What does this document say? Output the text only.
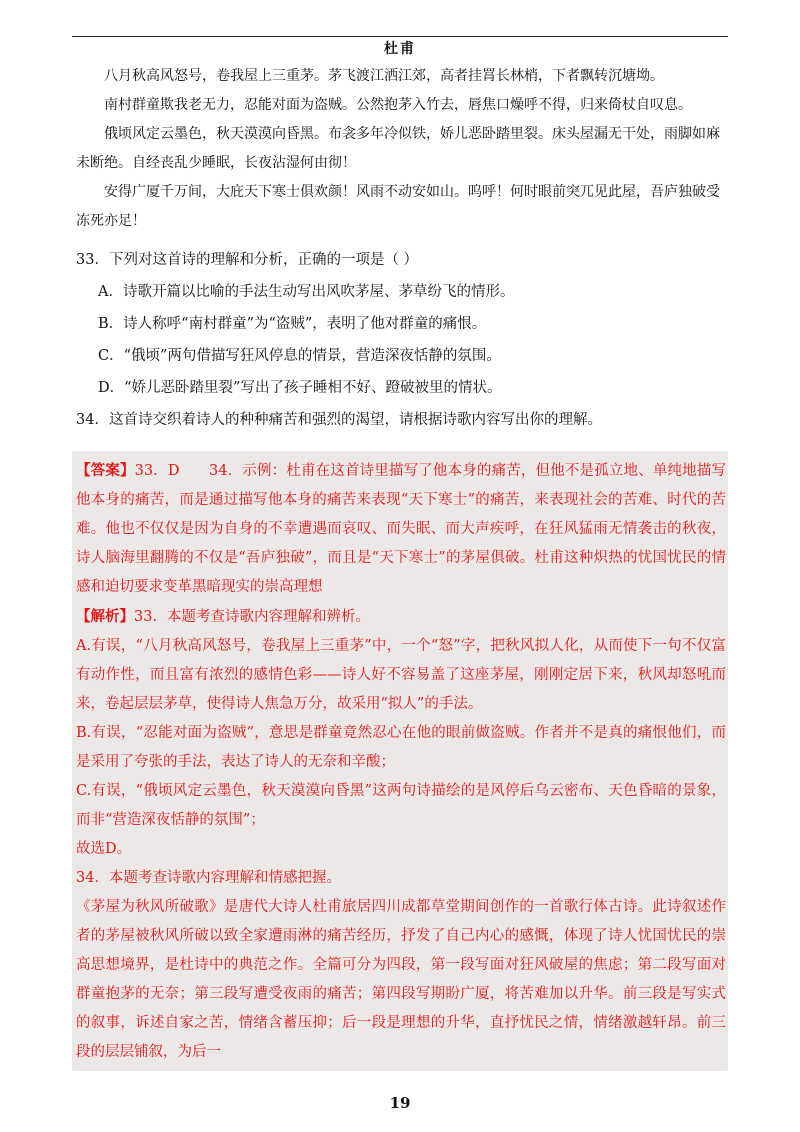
杜甫

八月秋高风怒号，卷我屋上三重茅。茅飞渡江洒江郊，高者挂罥长林梢，下者飘转沉塘坳。

南村群童欺我老无力，忍能对面为盗贼。公然抱茅入竹去，唇焦口燥呼不得，归来倚杖自叹息。

俄顷风定云墨色，秋天漠漠向昏黑。布衾多年冷似铁，娇儿恶卧踏里裂。床头屋漏无干处，雨脚如麻未断绝。自经丧乱少睡眠，长夜沾湿何由彻！

安得广厦千万间，大庇天下寒士俱欢颜！风雨不动安如山。呜呼！何时眼前突兀见此屋，吾庐独破受冻死亦足！

33．下列对这首诗的理解和分析，正确的一项是（ ）

A．诗歌开篇以比喻的手法生动写出风吹茅屋、茅草纷飞的情形。

B．诗人称呼“南村群童”为“盗贼”，表明了他对群童的痛恨。

C．“俄顷”两句借描写狂风停息的情景，营造深夜恬静的氛围。

D．“娇儿恶卧踏里裂”写出了孩子睡相不好、蹬破被里的情状。

34．这首诗交织着诗人的种种痛苦和强烈的渴望，请根据诗歌内容写出你的理解。

【答案】33．D　　34．示例：杜甫在这首诗里描写了他本身的痛苦，但他不是孤立地、单纯地描写他本身的痛苦，而是通过描写他本身的痛苦来表现“天下寒士”的痛苦，来表现社会的苦难、时代的苦难。他也不仅仅是因为自身的不幸遭遇而哀叹、而失眠、而大声疾呼，在狂风猛雨无情袭击的秋夜，诗人脑海里翻腾的不仅是“吾庐独破”，而且是“天下寒士”的茅屋俱破。杜甫这种炽热的忧国忧民的情感和迫切要求变革黑暗现实的崇高理想

【解析】33．本题考查诗歌内容理解和辨析。

A.有误，“八月秋高风怒号，卷我屋上三重茅”中，一个“怒”字，把秋风拟人化，从而使下一句不仅富有动作性，而且富有浓烈的感情色彩——诗人好不容易盖了这座茅屋，刚刚定居下来，秋风却怒吼而来，卷起层层茅草，使得诗人焦急万分，故采用“拟人”的手法。

B.有误，“忍能对面为盗贼”，意思是群童竟然忍心在他的眼前做盗贼。作者并不是真的痛恨他们，而是采用了夸张的手法，表达了诗人的无奈和辛酸；

C.有误，“俄顷风定云墨色，秋天漠漠向昏黑”这两句诗描绘的是风停后乌云密布、天色昏暗的景象，而非“营造深夜恬静的氛围”；

故选D。

34．本题考查诗歌内容理解和情感把握。

《茅屋为秋风所破歌》是唐代大诗人杜甫旅居四川成都草堂期间创作的一首歌行体古诗。此诗叙述作者的茅屋被秋风所破以致全家遭雨淋的痛苦经历，抒发了自己内心的感慨，体现了诗人忧国忧民的崇高思想境界，是杜诗中的典范之作。全篇可分为四段，第一段写面对狂风破屋的焦虑；第二段写面对群童抱茅的无奈；第三段写遭受夜雨的痛苦；第四段写期盼广厦，将苦难加以升华。前三段是写实式的叙事，诉述自家之苦，情绪含蓄压抑；后一段是理想的升华，直抒忧民之情，情绪激越轩昂。前三段的层层铺叙，为后一

19
